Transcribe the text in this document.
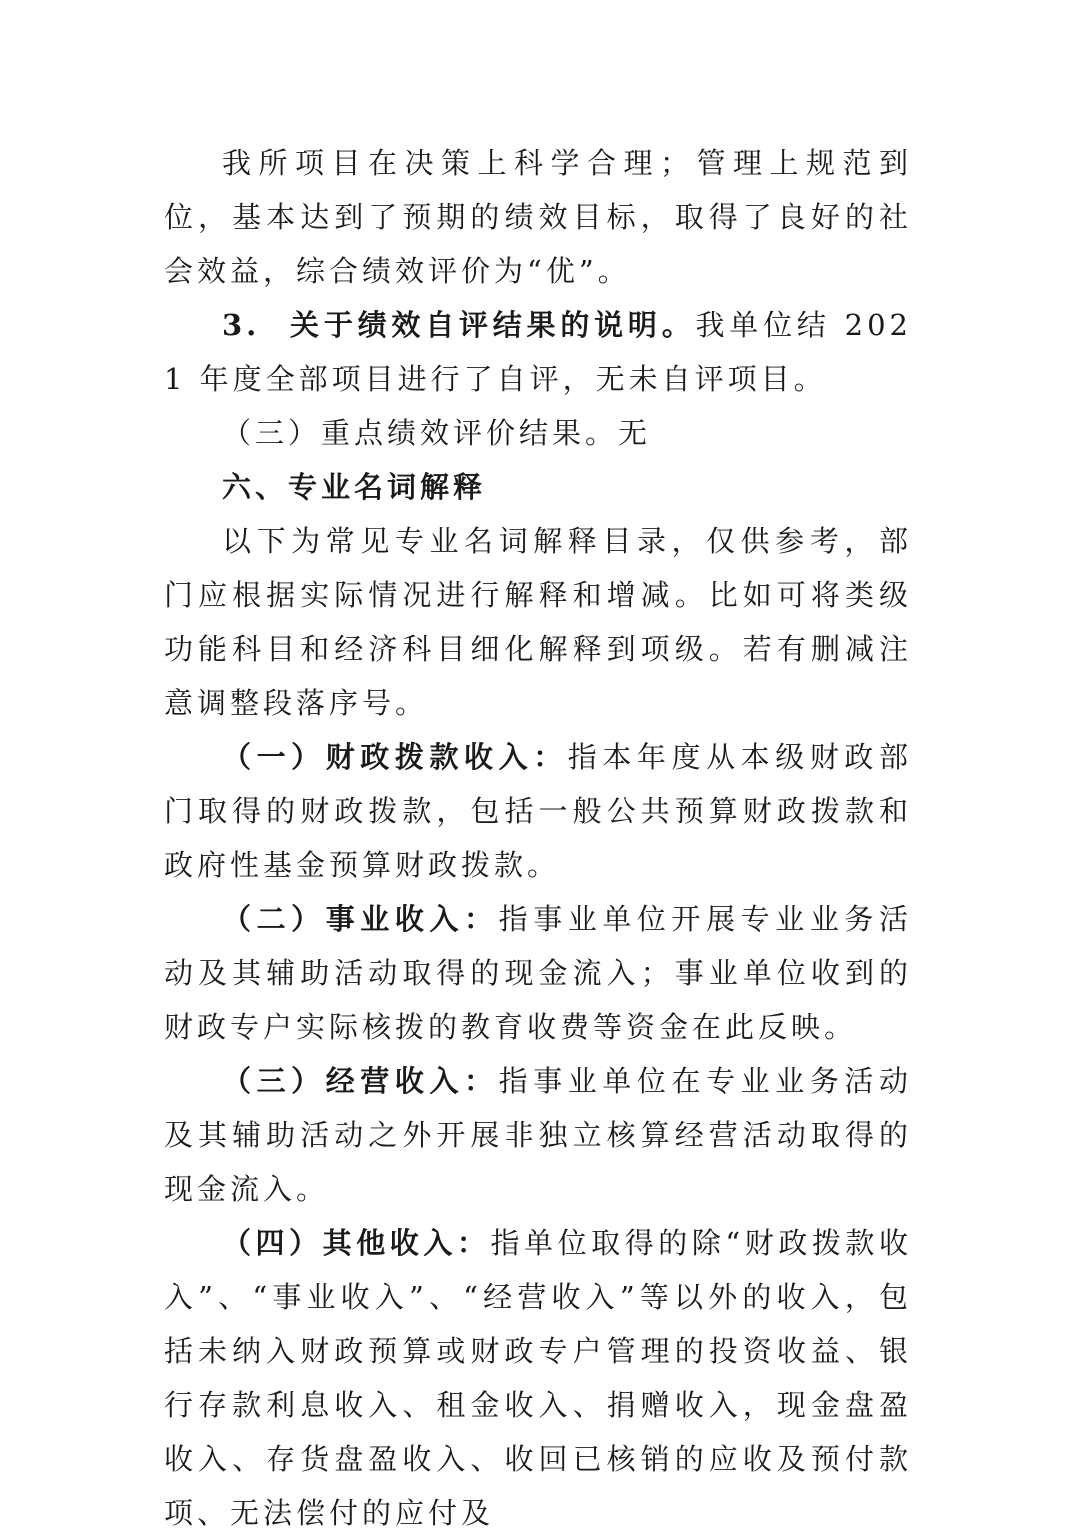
我所项目在决策上科学合理；管理上规范到位，基本达到了预期的绩效目标，取得了良好的社会效益，综合绩效评价为“优”。

3.  关于绩效自评结果的说明。我单位结 2021 年度全部项目进行了自评，无未自评项目。

（三）重点绩效评价结果。无

六、专业名词解释

以下为常见专业名词解释目录，仅供参考，部门应根据实际情况进行解释和增减。比如可将类级功能科目和经济科目细化解释到项级。若有删减注意调整段落序号。

（一）财政拨款收入：指本年度从本级财政部门取得的财政拨款，包括一般公共预算财政拨款和政府性基金预算财政拨款。

（二）事业收入：指事业单位开展专业业务活动及其辅助活动取得的现金流入；事业单位收到的财政专户实际核拨的教育收费等资金在此反映。

（三）经营收入：指事业单位在专业业务活动及其辅助活动之外开展非独立核算经营活动取得的现金流入。

（四）其他收入：指单位取得的除“财政拨款收入”、“事业收入”、“经营收入”等以外的收入，包括未纳入财政预算或财政专户管理的投资收益、银行存款利息收入、租金收入、捐赠收入，现金盘盈收入、存货盘盈收入、收回已核销的应收及预付款项、无法偿付的应付及
